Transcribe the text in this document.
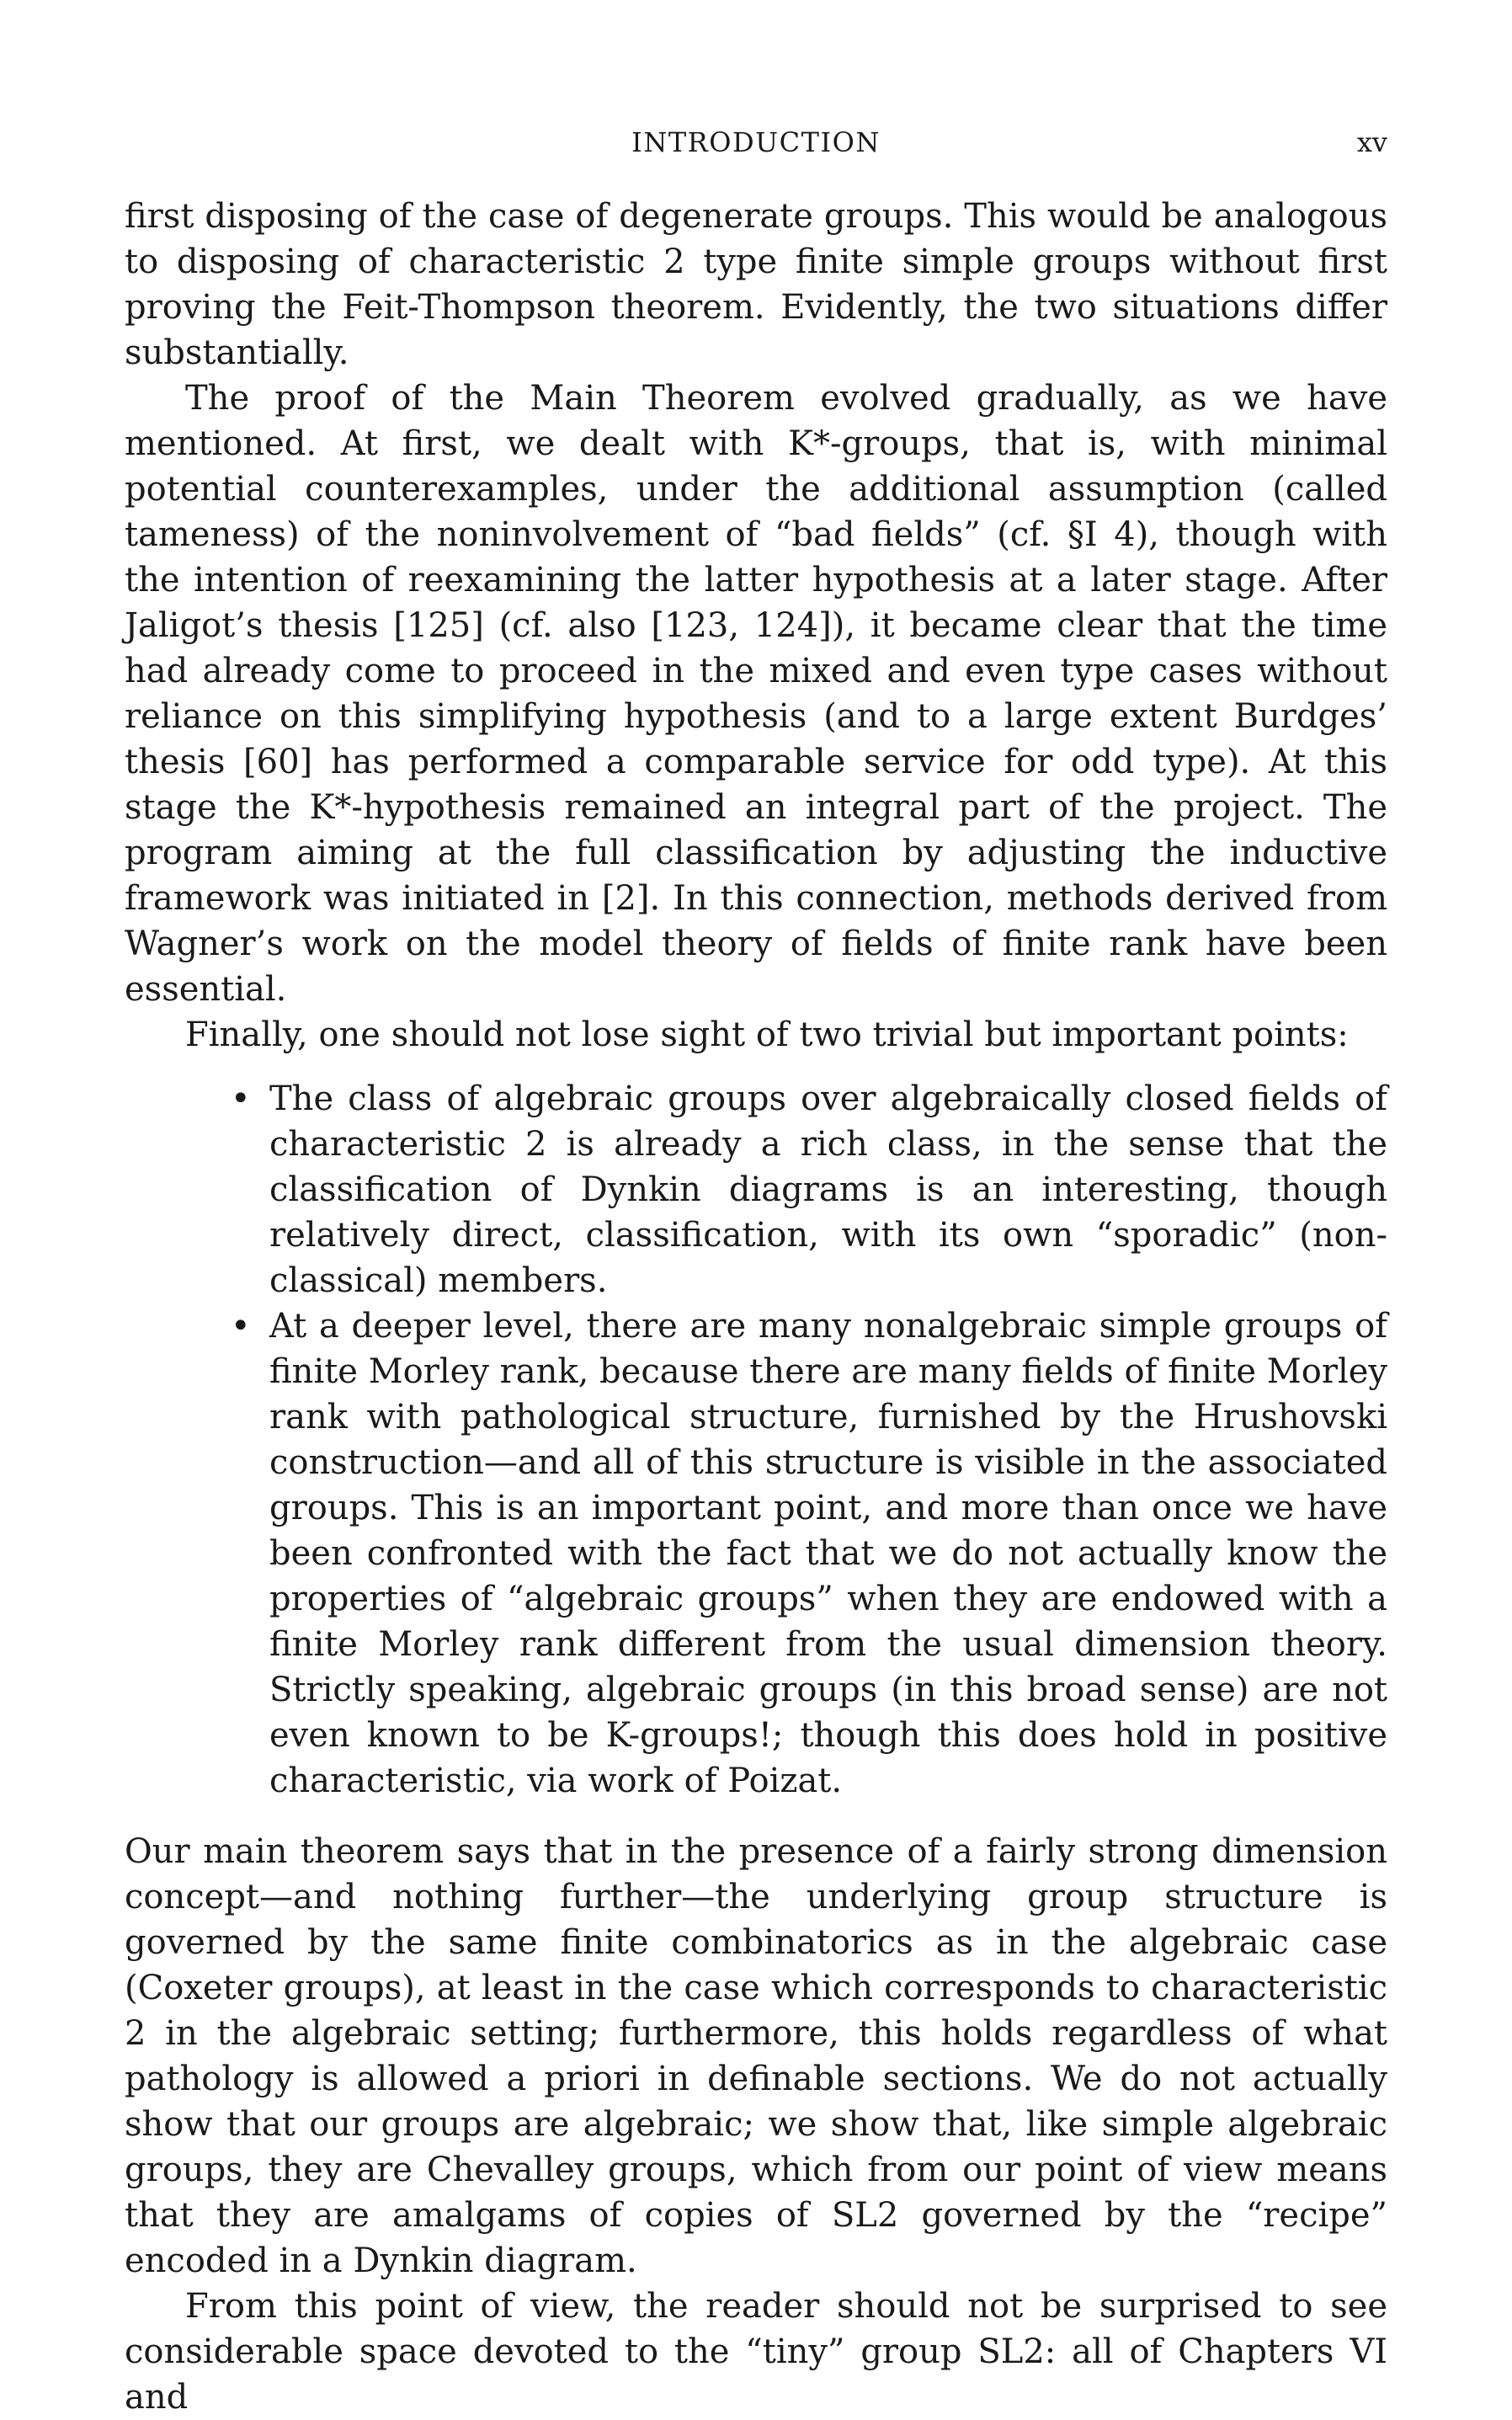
INTRODUCTION	xv

first disposing of the case of degenerate groups. This would be analogous to disposing of characteristic 2 type finite simple groups without first proving the Feit-Thompson theorem. Evidently, the two situations differ substantially.

The proof of the Main Theorem evolved gradually, as we have mentioned. At first, we dealt with K*-groups, that is, with minimal potential counterexamples, under the additional assumption (called tameness) of the noninvolvement of “bad fields” (cf. §I 4), though with the intention of reexamining the latter hypothesis at a later stage. After Jaligot’s thesis [125] (cf. also [123, 124]), it became clear that the time had already come to proceed in the mixed and even type cases without reliance on this simplifying hypothesis (and to a large extent Burdges’ thesis [60] has performed a comparable service for odd type). At this stage the K*-hypothesis remained an integral part of the project. The program aiming at the full classification by adjusting the inductive framework was initiated in [2]. In this connection, methods derived from Wagner’s work on the model theory of fields of finite rank have been essential.

Finally, one should not lose sight of two trivial but important points:

• The class of algebraic groups over algebraically closed fields of characteristic 2 is already a rich class, in the sense that the classification of Dynkin diagrams is an interesting, though relatively direct, classification, with its own “sporadic” (non-classical) members.
• At a deeper level, there are many nonalgebraic simple groups of finite Morley rank, because there are many fields of finite Morley rank with pathological structure, furnished by the Hrushovski construction—and all of this structure is visible in the associated groups. This is an important point, and more than once we have been confronted with the fact that we do not actually know the properties of “algebraic groups” when they are endowed with a finite Morley rank different from the usual dimension theory. Strictly speaking, algebraic groups (in this broad sense) are not even known to be K-groups!; though this does hold in positive characteristic, via work of Poizat.

Our main theorem says that in the presence of a fairly strong dimension concept—and nothing further—the underlying group structure is governed by the same finite combinatorics as in the algebraic case (Coxeter groups), at least in the case which corresponds to characteristic 2 in the algebraic setting; furthermore, this holds regardless of what pathology is allowed a priori in definable sections. We do not actually show that our groups are algebraic; we show that, like simple algebraic groups, they are Chevalley groups, which from our point of view means that they are amalgams of copies of SL2 governed by the “recipe” encoded in a Dynkin diagram.

From this point of view, the reader should not be surprised to see considerable space devoted to the “tiny” group SL2: all of Chapters VI and
